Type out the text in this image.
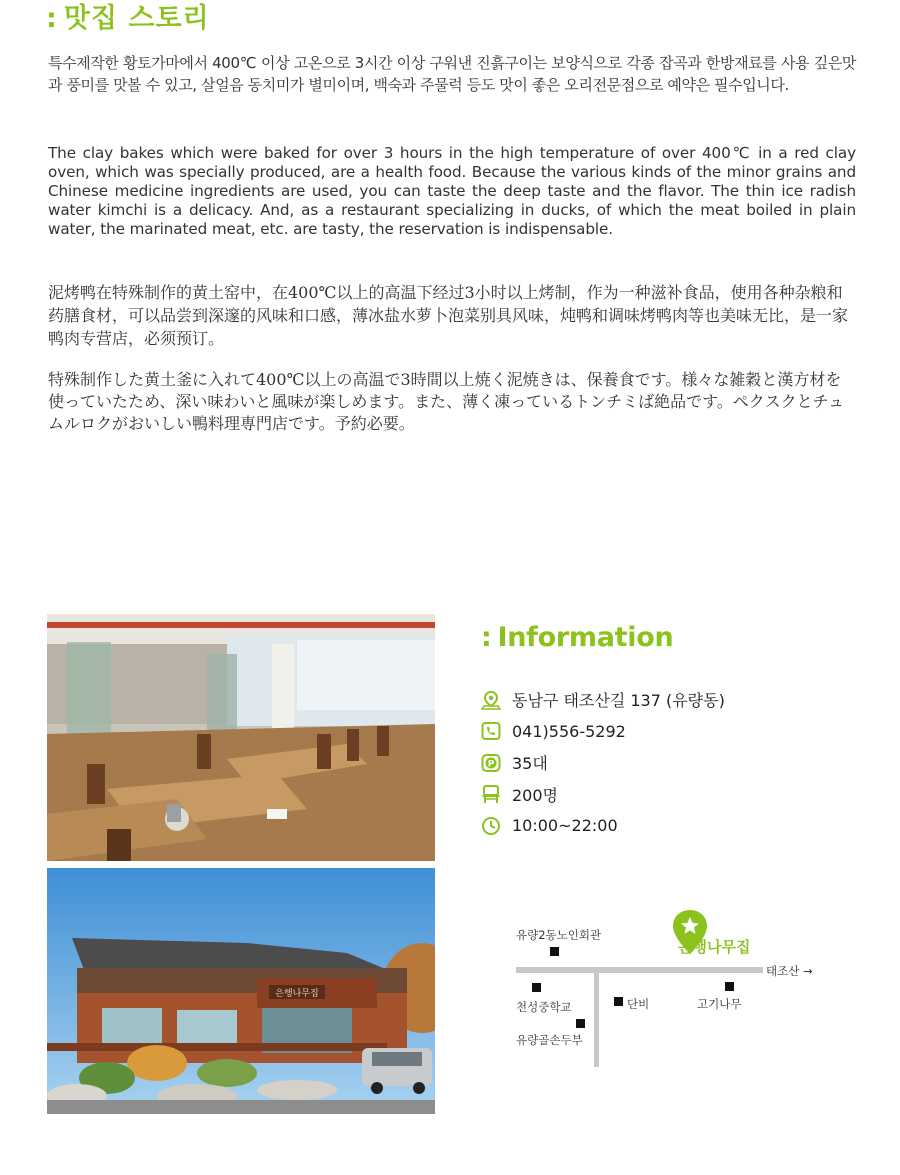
: 맛집 스토리

특수제작한 황토가마에서 400℃ 이상 고온으로 3시간 이상 구워낸 진흙구이는 보양식으로 각종 잡곡과 한방재료를 사용 깊은맛과 풍미를 맛볼 수 있고, 살얼음 동치미가 별미이며, 백숙과 주물럭 등도 맛이 좋은 오리전문점으로 예약은 필수입니다.

The clay bakes which were baked for over 3 hours in the high temperature of over 400℃ in a red clay oven, which was specially produced, are a health food. Because the various kinds of the minor grains and Chinese medicine ingredients are used, you can taste the deep taste and the flavor. The thin ice radish water kimchi is a delicacy. And, as a restaurant specializing in ducks, of which the meat boiled in plain water, the marinated meat, etc. are tasty, the reservation is indispensable.

泥烤鸭在特殊制作的黄土窑中，在400℃以上的高温下经过3小时以上烤制，作为一种滋补食品，使用各种杂粮和药膳食材，可以品尝到深邃的风味和口感，薄冰盐水萝卜泡菜别具风味，炖鸭和调味烤鸭肉等也美味无比，是一家鸭肉专营店，必须预订。

特殊制作した黄土釜に入れて400℃以上の高温で3時間以上焼く泥焼きは、保養食です。様々な雑穀と漢方材を使っていたため、深い味わいと風味が楽しめます。また、薄く凍っているトンチミば絶品です。ペクスクとチュムルロクがおいしい鴨料理専門店です。予約必要。

은행나무집
: Information
동남구 태조산길 137 (유량동)
041)556-5292
P 35대
200명
10:00~22:00
은행나무집
유량2동노인회관
태조산 →
천성중학교	단비	고기나무
유량골손두부
